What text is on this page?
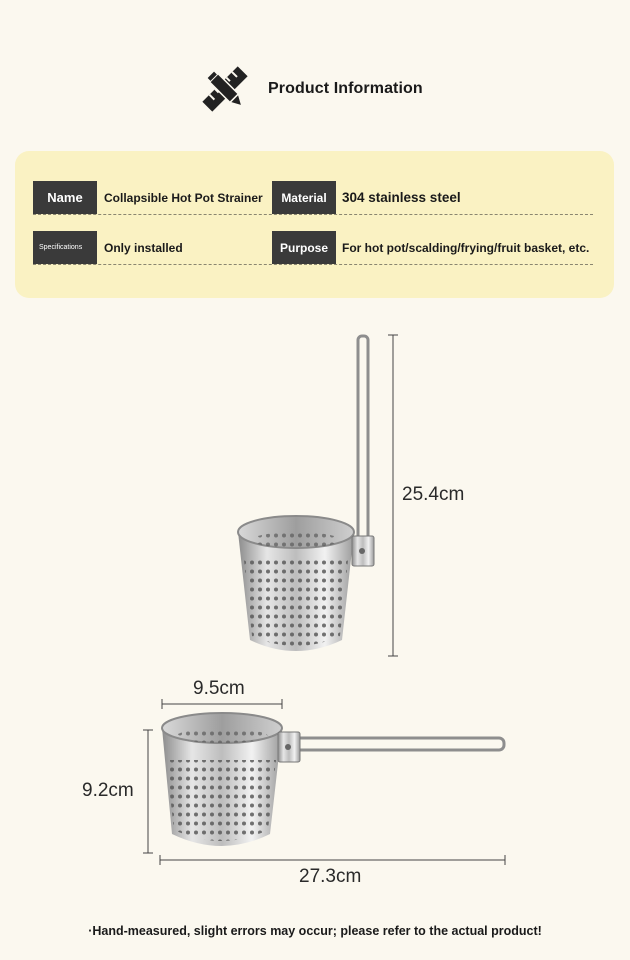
Product Information
Name	Collapsible Hot Pot Strainer	Material	304 stainless steel
Specifications	Only installed	Purpose	For hot pot/scalding/frying/fruit basket, etc.
25.4cm
9.5cm
9.2cm
27.3cm
·Hand-measured, slight errors may occur; please refer to the actual product!
